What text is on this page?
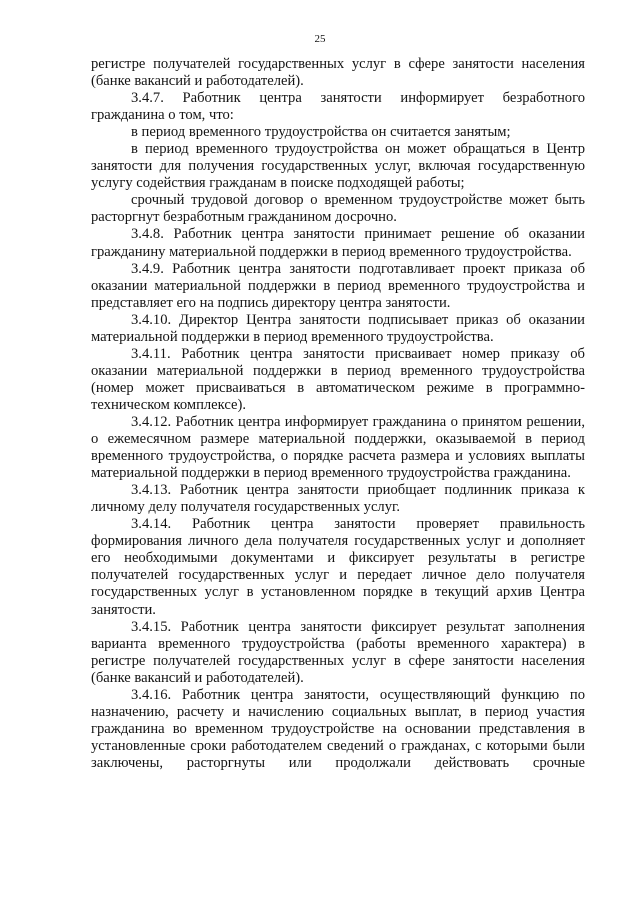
25

регистре получателей государственных услуг в сфере занятости населения (банке вакансий и работодателей).

3.4.7. Работник центра занятости информирует безработного гражданина о том, что:

в период временного трудоустройства он считается занятым;

в период временного трудоустройства он может обращаться в Центр занятости для получения государственных услуг, включая государственную услугу содействия гражданам в поиске подходящей работы;

срочный трудовой договор о временном трудоустройстве может быть расторгнут безработным гражданином досрочно.

3.4.8. Работник центра занятости принимает решение об оказании гражданину материальной поддержки в период временного трудоустройства.

3.4.9. Работник центра занятости подготавливает проект приказа об оказании материальной поддержки в период временного трудоустройства и представляет его на подпись директору центра занятости.

3.4.10. Директор Центра занятости подписывает приказ об оказании материальной поддержки в период временного трудоустройства.

3.4.11. Работник центра занятости присваивает номер приказу об оказании материальной поддержки в период временного трудоустройства (номер может присваиваться в автоматическом режиме в программно-техническом комплексе).

3.4.12. Работник центра информирует гражданина о принятом решении, о ежемесячном размере материальной поддержки, оказываемой в период временного трудоустройства, о порядке расчета размера и условиях выплаты материальной поддержки в период временного трудоустройства гражданина.

3.4.13. Работник центра занятости приобщает подлинник приказа к личному делу получателя государственных услуг.

3.4.14. Работник центра занятости проверяет правильность формирования личного дела получателя государственных услуг и дополняет его необходимыми документами и фиксирует результаты в регистре получателей государственных услуг и передает личное дело получателя государственных услуг в установленном порядке в текущий архив Центра занятости.

3.4.15. Работник центра занятости фиксирует результат заполнения варианта временного трудоустройства (работы временного характера) в регистре получателей государственных услуг в сфере занятости населения (банке вакансий и работодателей).

3.4.16. Работник центра занятости, осуществляющий функцию по назначению, расчету и начислению социальных выплат, в период участия гражданина во временном трудоустройстве на основании представления в установленные сроки работодателем сведений о гражданах, с которыми были заключены, расторгнуты или продолжали действовать срочные
